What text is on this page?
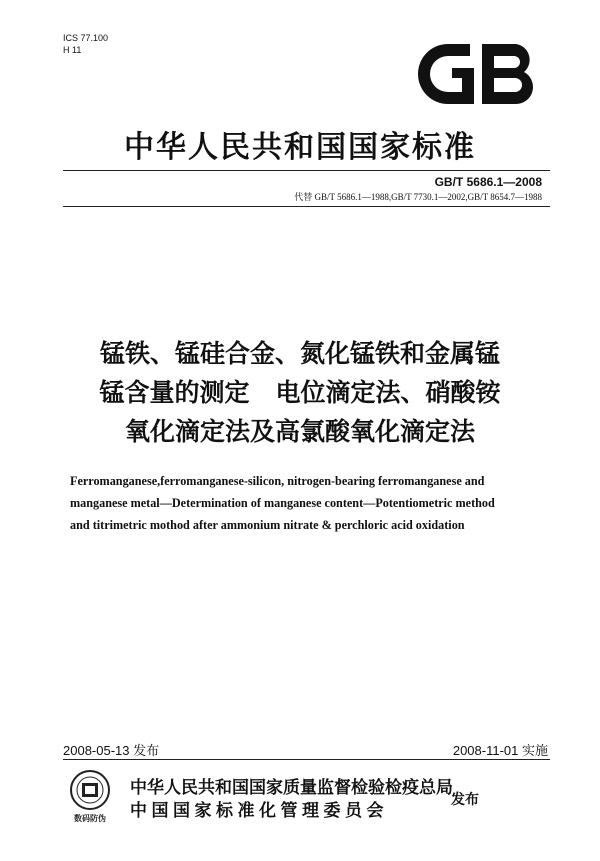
ICS 77.100
H 11
中华人民共和国国家标准
GB/T 5686.1—2008
代替 GB/T 5686.1—1988,GB/T 7730.1—2002,GB/T 8654.7—1988
锰铁、锰硅合金、氮化锰铁和金属锰
锰含量的测定   电位滴定法、硝酸铵
氧化滴定法及高氯酸氧化滴定法
Ferromanganese,ferromanganese-silicon, nitrogen-bearing ferromanganese and
manganese metal—Determination of manganese content—Potentiometric method
and titrimetric mothod after ammonium nitrate & perchloric acid oxidation
2008-05-13 发布	2008-11-01 实施
数码防伪
中华人民共和国国家质量监督检验检疫总局
中国国家标准化管理委员会
发布
